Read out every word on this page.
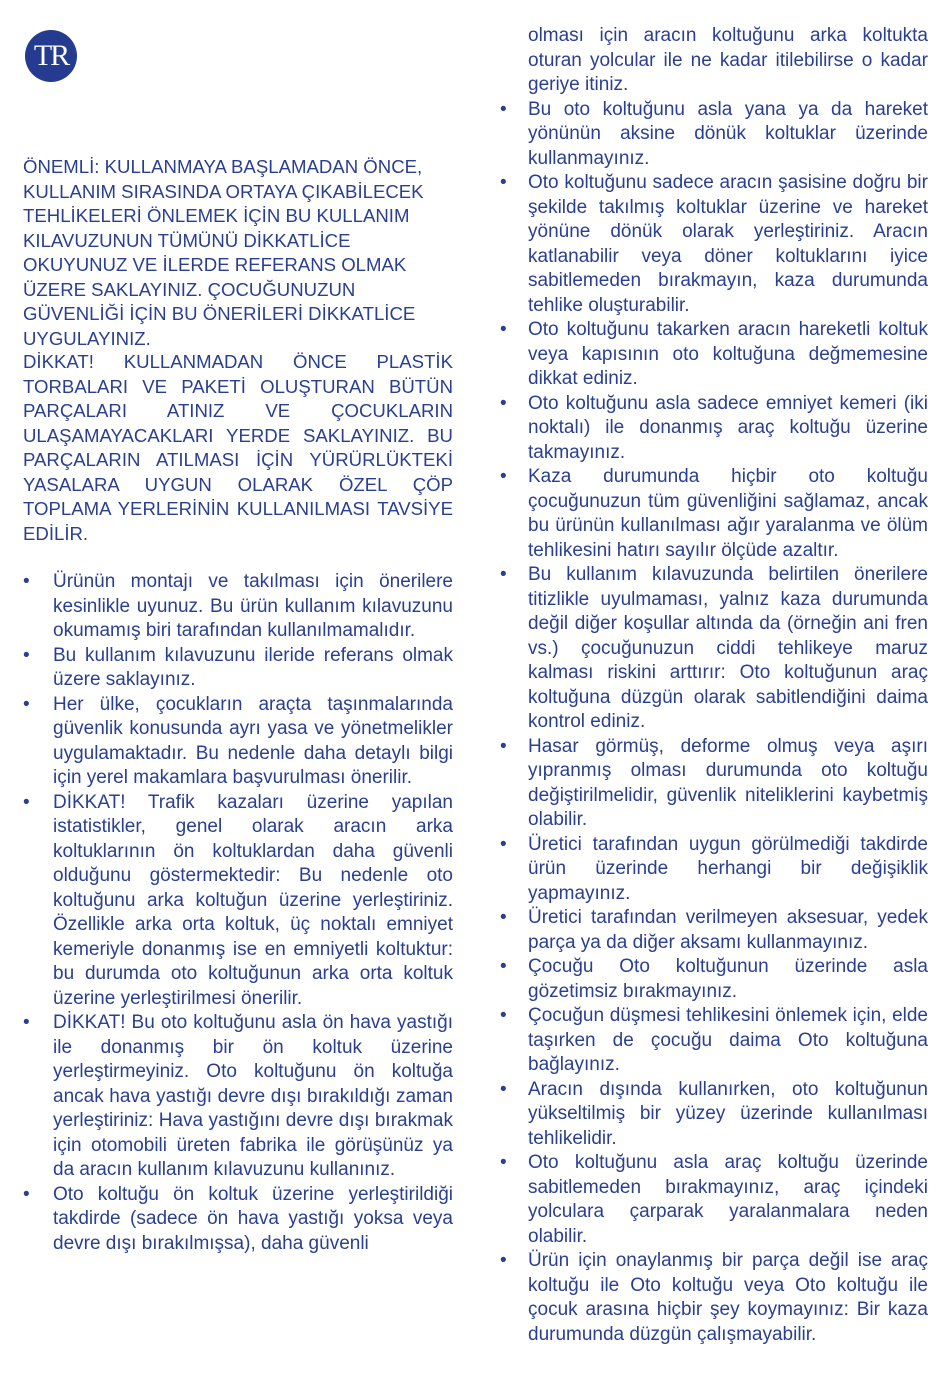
TR
ÖNEMLİ: KULLANMAYA BAŞLAMADAN ÖNCE, KULLANIM SIRASINDA ORTAYA ÇIKABİLECEK TEHLİKELERİ ÖNLEMEK İÇİN BU KULLANIM KILAVUZUNUN TÜMÜNÜ DİKKATLİCE OKUYUNUZ VE İLERDE REFERANS OLMAK ÜZERE SAKLAYINIZ. ÇOCUĞUNUZUN GÜVENLİĞİ İÇİN BU ÖNERİLERİ DİKKATLİCE UYGULAYINIZ.
DİKKAT! KULLANMADAN ÖNCE PLASTİK TORBALARI VE PAKETİ OLUŞTURAN BÜTÜN PARÇALARI ATINIZ VE ÇOCUKLARIN ULAŞAMAYACAKLARI YERDE SAKLAYINIZ. BU PARÇALARIN ATILMASI İÇİN YÜRÜRLÜKTEKİ YASALARA UYGUN OLARAK ÖZEL ÇÖP TOPLAMA YERLERİNİN KULLANILMASI TAVSİYE EDİLİR.
• Ürünün montajı ve takılması için önerilere kesinlikle uyunuz. Bu ürün kullanım kılavuzunu okumamış biri tarafından kullanılmamalıdır.
• Bu kullanım kılavuzunu ileride referans olmak üzere saklayınız.
• Her ülke, çocukların araçta taşınmalarında güvenlik konusunda ayrı yasa ve yönetmelikler uygulamaktadır. Bu nedenle daha detaylı bilgi için yerel makamlara başvurulması önerilir.
• DİKKAT! Trafik kazaları üzerine yapılan istatistikler, genel olarak aracın arka koltuklarının ön koltuklardan daha güvenli olduğunu göstermektedir: Bu nedenle oto koltuğunu arka koltuğun üzerine yerleştiriniz. Özellikle arka orta koltuk, üç noktalı emniyet kemeriyle donanmış ise en emniyetli koltuktur: bu durumda oto koltuğunun arka orta koltuk üzerine yerleştirilmesi önerilir.
• DİKKAT! Bu oto koltuğunu asla ön hava yastığı ile donanmış bir ön koltuk üzerine yerleştirmeyiniz. Oto koltuğunu ön koltuğa ancak hava yastığı devre dışı bırakıldığı zaman yerleştiriniz: Hava yastığını devre dışı bırakmak için otomobili üreten fabrika ile görüşünüz ya da aracın kullanım kılavuzunu kullanınız.
• Oto koltuğu ön koltuk üzerine yerleştirildiği takdirde (sadece ön hava yastığı yoksa veya devre dışı bırakılmışsa), daha güvenli
olması için aracın koltuğunu arka koltukta oturan yolcular ile ne kadar itilebilirse o kadar geriye itiniz.
• Bu oto koltuğunu asla yana ya da hareket yönünün aksine dönük koltuklar üzerinde kullanmayınız.
• Oto koltuğunu sadece aracın şasisine doğru bir şekilde takılmış koltuklar üzerine ve hareket yönüne dönük olarak yerleştiriniz. Aracın katlanabilir veya döner koltuklarını iyice sabitlemeden bırakmayın, kaza durumunda tehlike oluşturabilir.
• Oto koltuğunu takarken aracın hareketli koltuk veya kapısının oto koltuğuna değmemesine dikkat ediniz.
• Oto koltuğunu asla sadece emniyet kemeri (iki noktalı) ile donanmış araç koltuğu üzerine takmayınız.
• Kaza durumunda hiçbir oto koltuğu çocuğunuzun tüm güvenliğini sağlamaz, ancak bu ürünün kullanılması ağır yaralanma ve ölüm tehlikesini hatırı sayılır ölçüde azaltır.
• Bu kullanım kılavuzunda belirtilen önerilere titizlikle uyulmaması, yalnız kaza durumunda değil diğer koşullar altında da (örneğin ani fren vs.) çocuğunuzun ciddi tehlikeye maruz kalması riskini arttırır: Oto koltuğunun araç koltuğuna düzgün olarak sabitlendiğini daima kontrol ediniz.
• Hasar görmüş, deforme olmuş veya aşırı yıpranmış olması durumunda oto koltuğu değiştirilmelidir, güvenlik niteliklerini kaybetmiş olabilir.
• Üretici tarafından uygun görülmediği takdirde ürün üzerinde herhangi bir değişiklik yapmayınız.
• Üretici tarafından verilmeyen aksesuar, yedek parça ya da diğer aksamı kullanmayınız.
• Çocuğu Oto koltuğunun üzerinde asla gözetimsiz bırakmayınız.
• Çocuğun düşmesi tehlikesini önlemek için, elde taşırken de çocuğu daima Oto koltuğuna bağlayınız.
• Aracın dışında kullanırken, oto koltuğunun yükseltilmiş bir yüzey üzerinde kullanılması tehlikelidir.
• Oto koltuğunu asla araç koltuğu üzerinde sabitlemeden bırakmayınız, araç içindeki yolculara çarparak yaralanmalara neden olabilir.
• Ürün için onaylanmış bir parça değil ise araç koltuğu ile Oto koltuğu veya Oto koltuğu ile çocuk arasına hiçbir şey koymayınız: Bir kaza durumunda düzgün çalışmayabilir.
